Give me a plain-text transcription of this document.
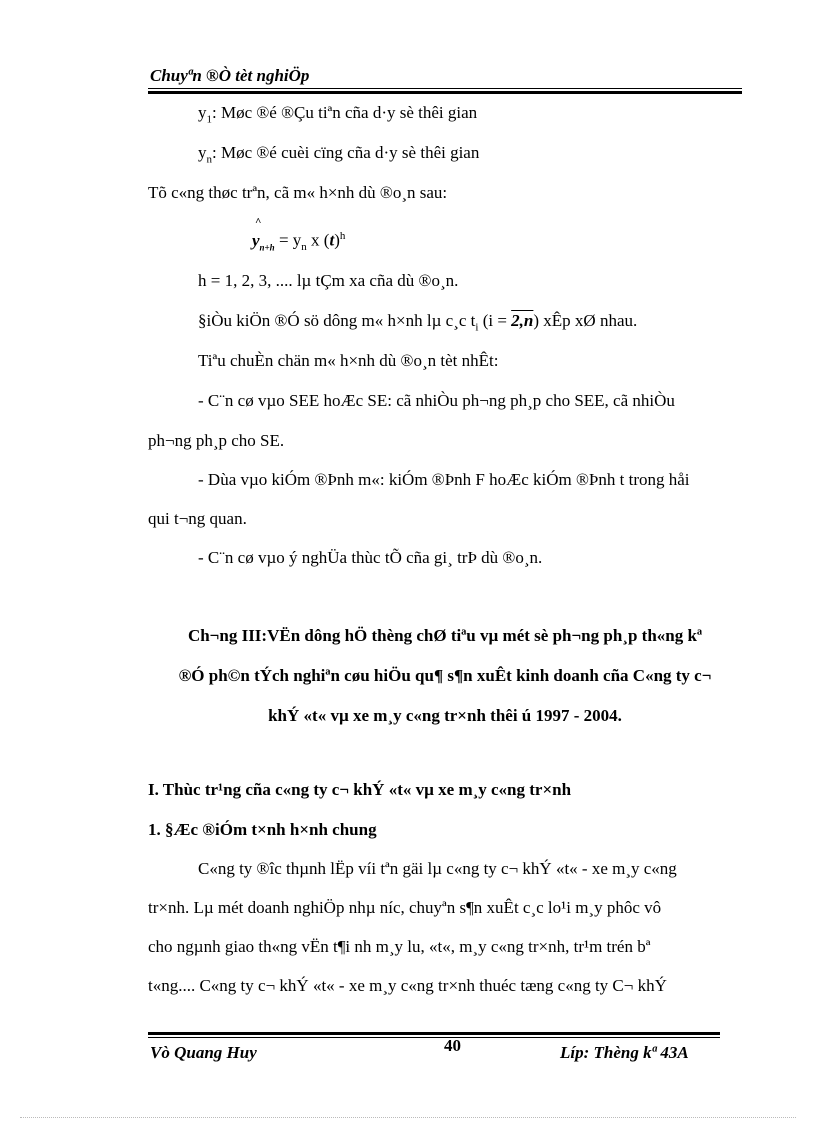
Chuyªn ®Ò tèt nghiÖp
$y_1$: Møc ®é ®Çu tiªn cña d·y sè thêi gian
$y_n$: Møc ®é cuèi cïng cña d·y sè thêi gian
Tõ c«ng thøc trªn, cã m« h×nh dù ®o¸n sau:
^
$y_{n+h} = y_n$ x $(t)^h$
h = 1, 2, 3, .... lµ tÇm xa cña dù ®o¸n.
§iÒu kiÖn ®Ó sö dông m« h×nh lµ c¸c $t_i$ (i = 2,n) xÊp xØ nhau.
Tiªu chuÈn chän m« h×nh dù ®o¸n tèt nhÊt:
- C¨n cø vµo SEE hoÆc SE: cã nhiÒu ph¬ng ph¸p cho SEE, cã nhiÒu
ph¬ng ph¸p cho SE.
- Dùa vµo kiÓm ®Þnh m«: kiÓm ®Þnh F hoÆc kiÓm ®Þnh t trong håi
qui t¬ng quan.
- C¨n cø vµo ý nghÜa thùc tÕ cña gi¸ trÞ dù ®o¸n.
Ch¬ng III:VËn dông hÖ thèng chØ tiªu vµ mét sè ph¬ng ph¸p th«ng kª
®Ó ph©n tÝch nghiªn cøu hiÖu qu¶ s¶n xuÊt kinh doanh cña C«ng ty c¬
khÝ «t« vµ xe m¸y c«ng tr×nh thêi ú 1997 - 2004.
I. Thùc tr¹ng cña c«ng ty c¬ khÝ «t« vµ xe m¸y c«ng tr×nh
1. §Æc ®iÓm t×nh h×nh chung
C«ng ty ®îc thµnh lËp víi tªn gäi lµ c«ng ty c¬ khÝ «t« - xe m¸y c«ng
tr×nh. Lµ mét doanh nghiÖp nhµ níc, chuyªn s¶n xuÊt c¸c lo¹i m¸y phôc vô
cho ngµnh giao th«ng vËn t¶i nh m¸y lu, «t«, m¸y c«ng tr×nh, tr¹m trén bª
t«ng.... C«ng ty c¬ khÝ «t« - xe m¸y c«ng tr×nh thuéc tæng c«ng ty C¬ khÝ
Vò Quang Huy	40	Líp: Thèng kª 43A
